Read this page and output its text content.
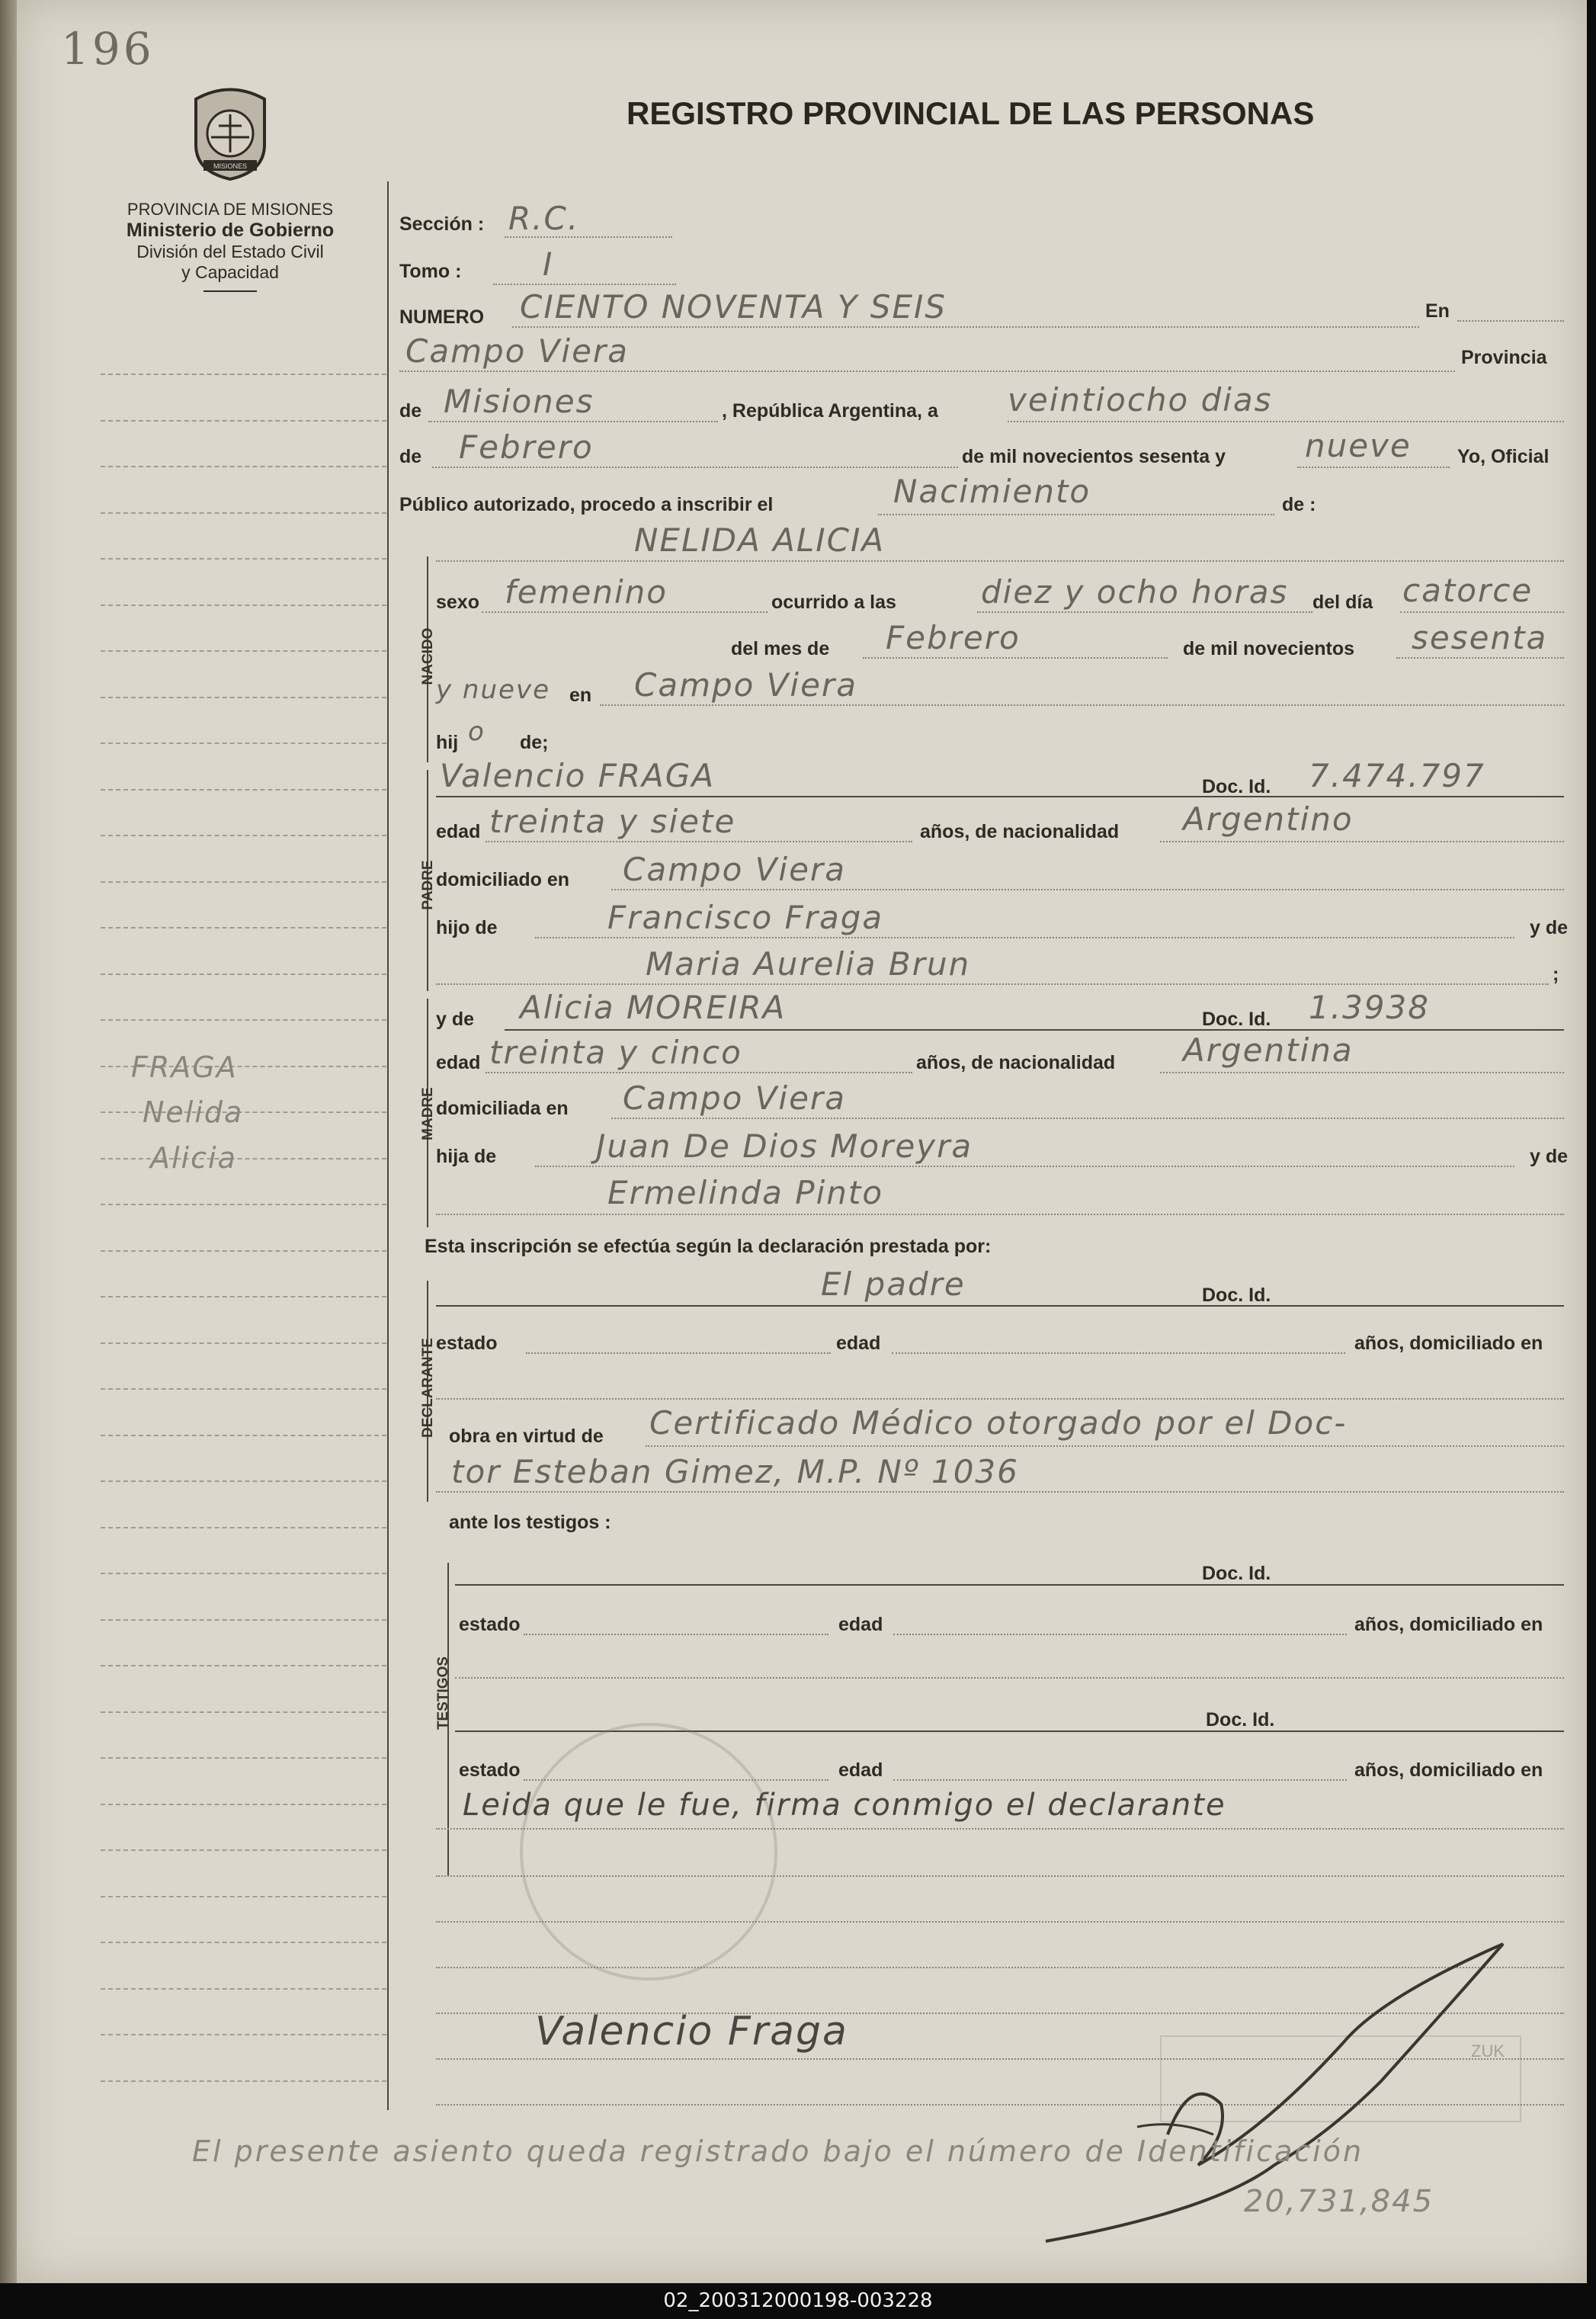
196
MISIONES
PROVINCIA DE MISIONES
Ministerio de Gobierno
División del Estado Civil
y Capacidad
REGISTRO PROVINCIAL DE LAS PERSONAS
FRAGA
Nelida
Alicia
Sección : R.C.
Tomo :	I
NUMERO CIENTO NOVENTA Y SEIS	En
Campo Viera	Provincia
de Misiones	, República Argentina, a veintiocho dias
de Febrero	de mil novecientos sesenta y nueve Yo, Oficial
Público autorizado, procedo a inscribir el	Nacimiento	de :
NACIDO
NELIDA ALICIA
sexo femenino	ocurrido a las	diez y ocho horas del día catorce
del mes de Febrero	de mil novecientos sesenta
y nueve en Campo Viera
hij o de;
PADRE
Valencio FRAGA	Doc. Id. 7.474.797
edad treinta y siete	años, de nacionalidad Argentino
domiciliado en Campo Viera
hijo de	Francisco Fraga	y de
Maria Aurelia Brun	;
MADRE
y de Alicia MOREIRA	Doc. Id. 1.3938
edad treinta y cinco	años, de nacionalidad Argentina
domiciliada en Campo Viera
hija de	Juan De Dios Moreyra	y de
Ermelinda Pinto
Esta inscripción se efectúa según la declaración prestada por:
DECLARANTE
El padre	Doc. Id.
estado	edad	años, domiciliado en
obra en virtud de Certificado Médico otorgado por el Doc-
tor Esteban Gimez, M.P. Nº 1036
ante los testigos :
TESTIGOS
Doc. Id.
estado	edad	años, domiciliado en
Doc. Id.
estado	edad	años, domiciliado en
Leida que le fue, firma conmigo el declarante
ZUK
Valencio Fraga
El presente asiento queda registrado bajo el número de Identificación
20,731,845
02_200312000198-003228
